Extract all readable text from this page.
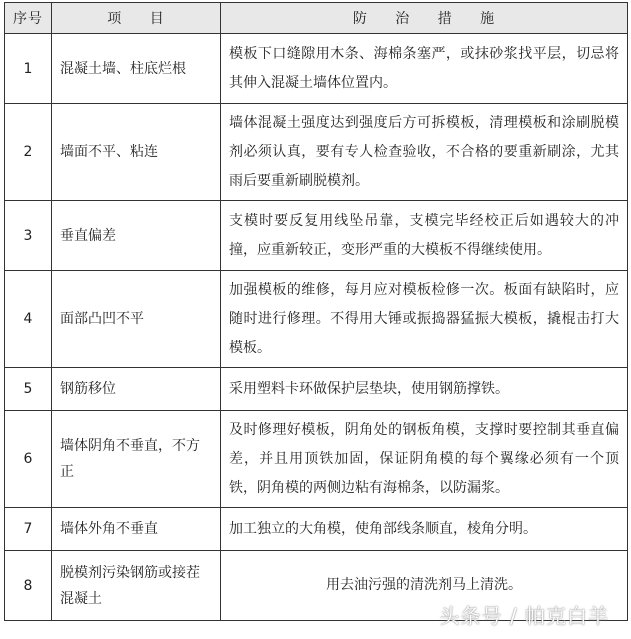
序号	项 目	防 治 措 施
1	混凝土墙、柱底烂根	模板下口缝隙用木条、海棉条塞严，或抹砂浆找平层，切忌将其伸入混凝土墙体位置内。
2	墙面不平、粘连	墙体混凝土强度达到强度后方可拆模板，清理模板和涂刷脱模剂必须认真，要有专人检查验收，不合格的要重新刷涂，尤其雨后要重新刷脱模剂。
3	垂直偏差	支模时要反复用线坠吊靠，支模完毕经校正后如遇较大的冲撞，应重新较正，变形严重的大模板不得继续使用。
4	面部凸凹不平	加强模板的维修，每月应对模板检修一次。板面有缺陷时，应随时进行修理。不得用大锤或振捣器猛振大模板，撬棍击打大模板。
5	钢筋移位	采用塑料卡环做保护层垫块，使用钢筋撑铁。
6	墙体阴角不垂直，不方正	及时修理好模板，阴角处的钢板角模，支撑时要控制其垂直偏差，并且用顶铁加固，保证阴角模的每个翼缘必须有一个顶铁，阴角模的两侧边粘有海棉条，以防漏浆。
7	墙体外角不垂直	加工独立的大角模，使角部线条顺直，棱角分明。
8	脱模剂污染钢筋或接茬混凝土	用去油污强的清洗剂马上清洗。
头条号 / 帕克白羊
